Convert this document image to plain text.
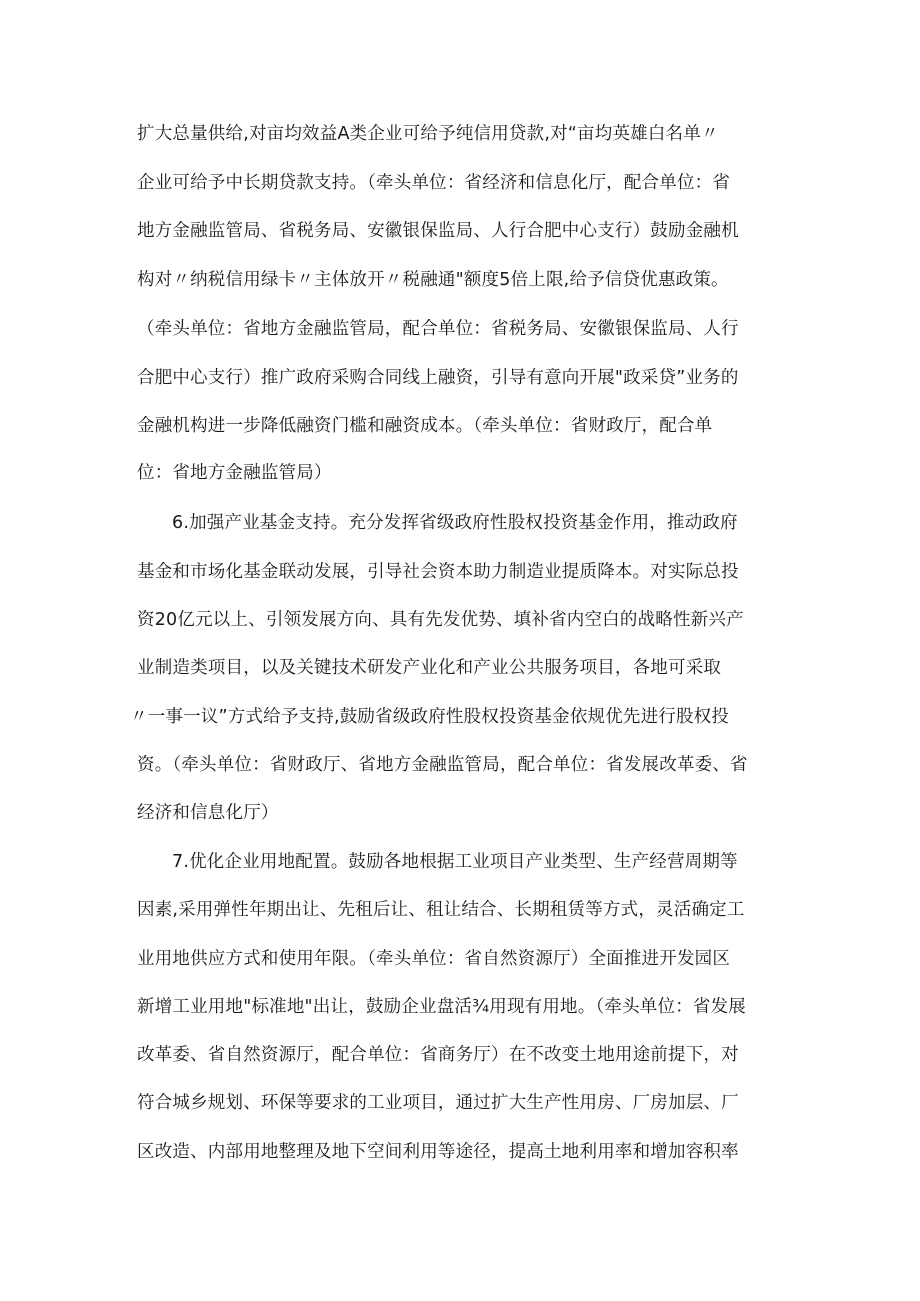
扩大总量供给,对亩均效益A类企业可给予纯信用贷款,对“亩均英雄白名单〃
企业可给予中长期贷款支持。（牵头单位：省经济和信息化厅，配合单位：省
地方金融监管局、省税务局、安徽银保监局、人行合肥中心支行）鼓励金融机
构对〃纳税信用绿卡〃主体放开〃税融通"额度5倍上限,给予信贷优惠政策。
（牵头单位：省地方金融监管局，配合单位：省税务局、安徽银保监局、人行
合肥中心支行）推广政府采购合同线上融资，引导有意向开展"政采贷”业务的
金融机构进一步降低融资门槛和融资成本。（牵头单位：省财政厅，配合单
位：省地方金融监管局）
6.加强产业基金支持。充分发挥省级政府性股权投资基金作用，推动政府
基金和市场化基金联动发展，引导社会资本助力制造业提质降本。对实际总投
资20亿元以上、引领发展方向、具有先发优势、填补省内空白的战略性新兴产
业制造类项目，以及关键技术研发产业化和产业公共服务项目，各地可采取
〃一事一议”方式给予支持,鼓励省级政府性股权投资基金依规优先进行股权投
资。（牵头单位：省财政厅、省地方金融监管局，配合单位：省发展改革委、省
经济和信息化厅）
7.优化企业用地配置。鼓励各地根据工业项目产业类型、生产经营周期等
因素,采用弹性年期出让、先租后让、租让结合、长期租赁等方式，灵活确定工
业用地供应方式和使用年限。（牵头单位：省自然资源厅）全面推进开发园区
新增工业用地"标准地"出让，鼓励企业盘活¾用现有用地。（牵头单位：省发展
改革委、省自然资源厅，配合单位：省商务厅）在不改变土地用途前提下，对
符合城乡规划、环保等要求的工业项目，通过扩大生产性用房、厂房加层、厂
区改造、内部用地整理及地下空间利用等途径，提高土地利用率和增加容积率
